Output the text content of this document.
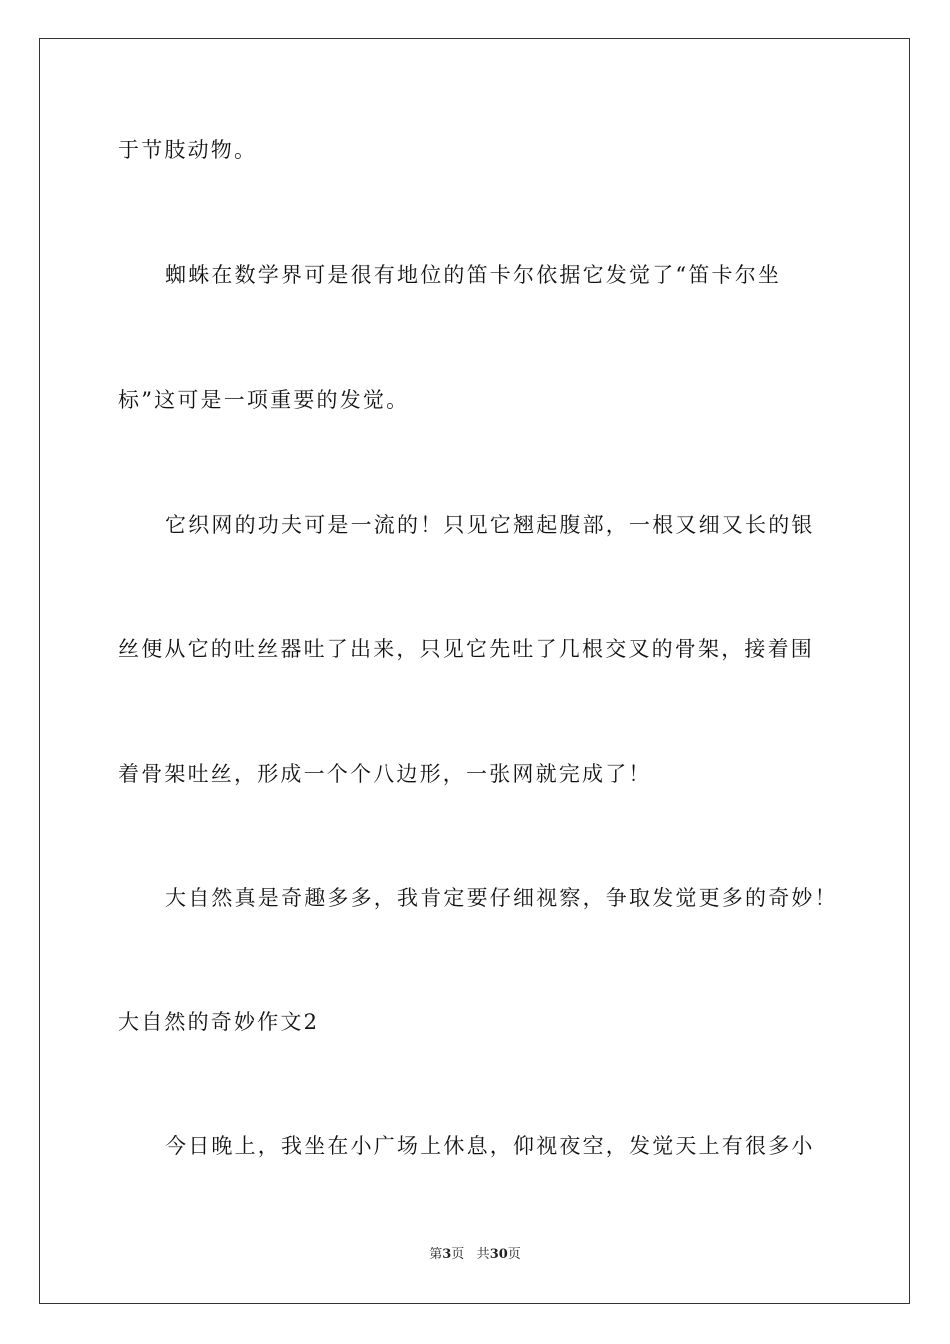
于节肢动物。
蜘蛛在数学界可是很有地位的笛卡尔依据它发觉了“笛卡尔坐
标”这可是一项重要的发觉。
它织网的功夫可是一流的！只见它翘起腹部，一根又细又长的银
丝便从它的吐丝器吐了出来，只见它先吐了几根交叉的骨架，接着围
着骨架吐丝，形成一个个八边形，一张网就完成了！
大自然真是奇趣多多，我肯定要仔细视察，争取发觉更多的奇妙！
大自然的奇妙作文2
今日晚上，我坐在小广场上休息，仰视夜空，发觉天上有很多小
第3页 共30页
